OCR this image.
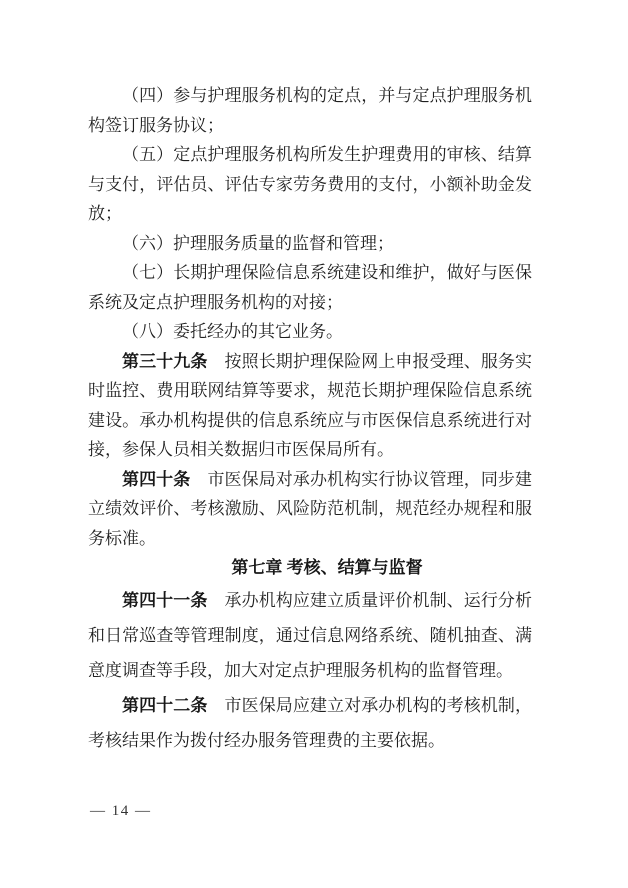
（四）参与护理服务机构的定点，并与定点护理服务机构签订服务协议；

（五）定点护理服务机构所发生护理费用的审核、结算与支付，评估员、评估专家劳务费用的支付，小额补助金发放；

（六）护理服务质量的监督和管理；

（七）长期护理保险信息系统建设和维护，做好与医保系统及定点护理服务机构的对接；

（八）委托经办的其它业务。

第三十九条　按照长期护理保险网上申报受理、服务实时监控、费用联网结算等要求，规范长期护理保险信息系统建设。承办机构提供的信息系统应与市医保信息系统进行对接，参保人员相关数据归市医保局所有。

第四十条　市医保局对承办机构实行协议管理，同步建立绩效评价、考核激励、风险防范机制，规范经办规程和服务标准。

第七章 考核、结算与监督

第四十一条　承办机构应建立质量评价机制、运行分析和日常巡查等管理制度，通过信息网络系统、随机抽查、满意度调查等手段，加大对定点护理服务机构的监督管理。

第四十二条　市医保局应建立对承办机构的考核机制，考核结果作为拨付经办服务管理费的主要依据。

— 14 —
